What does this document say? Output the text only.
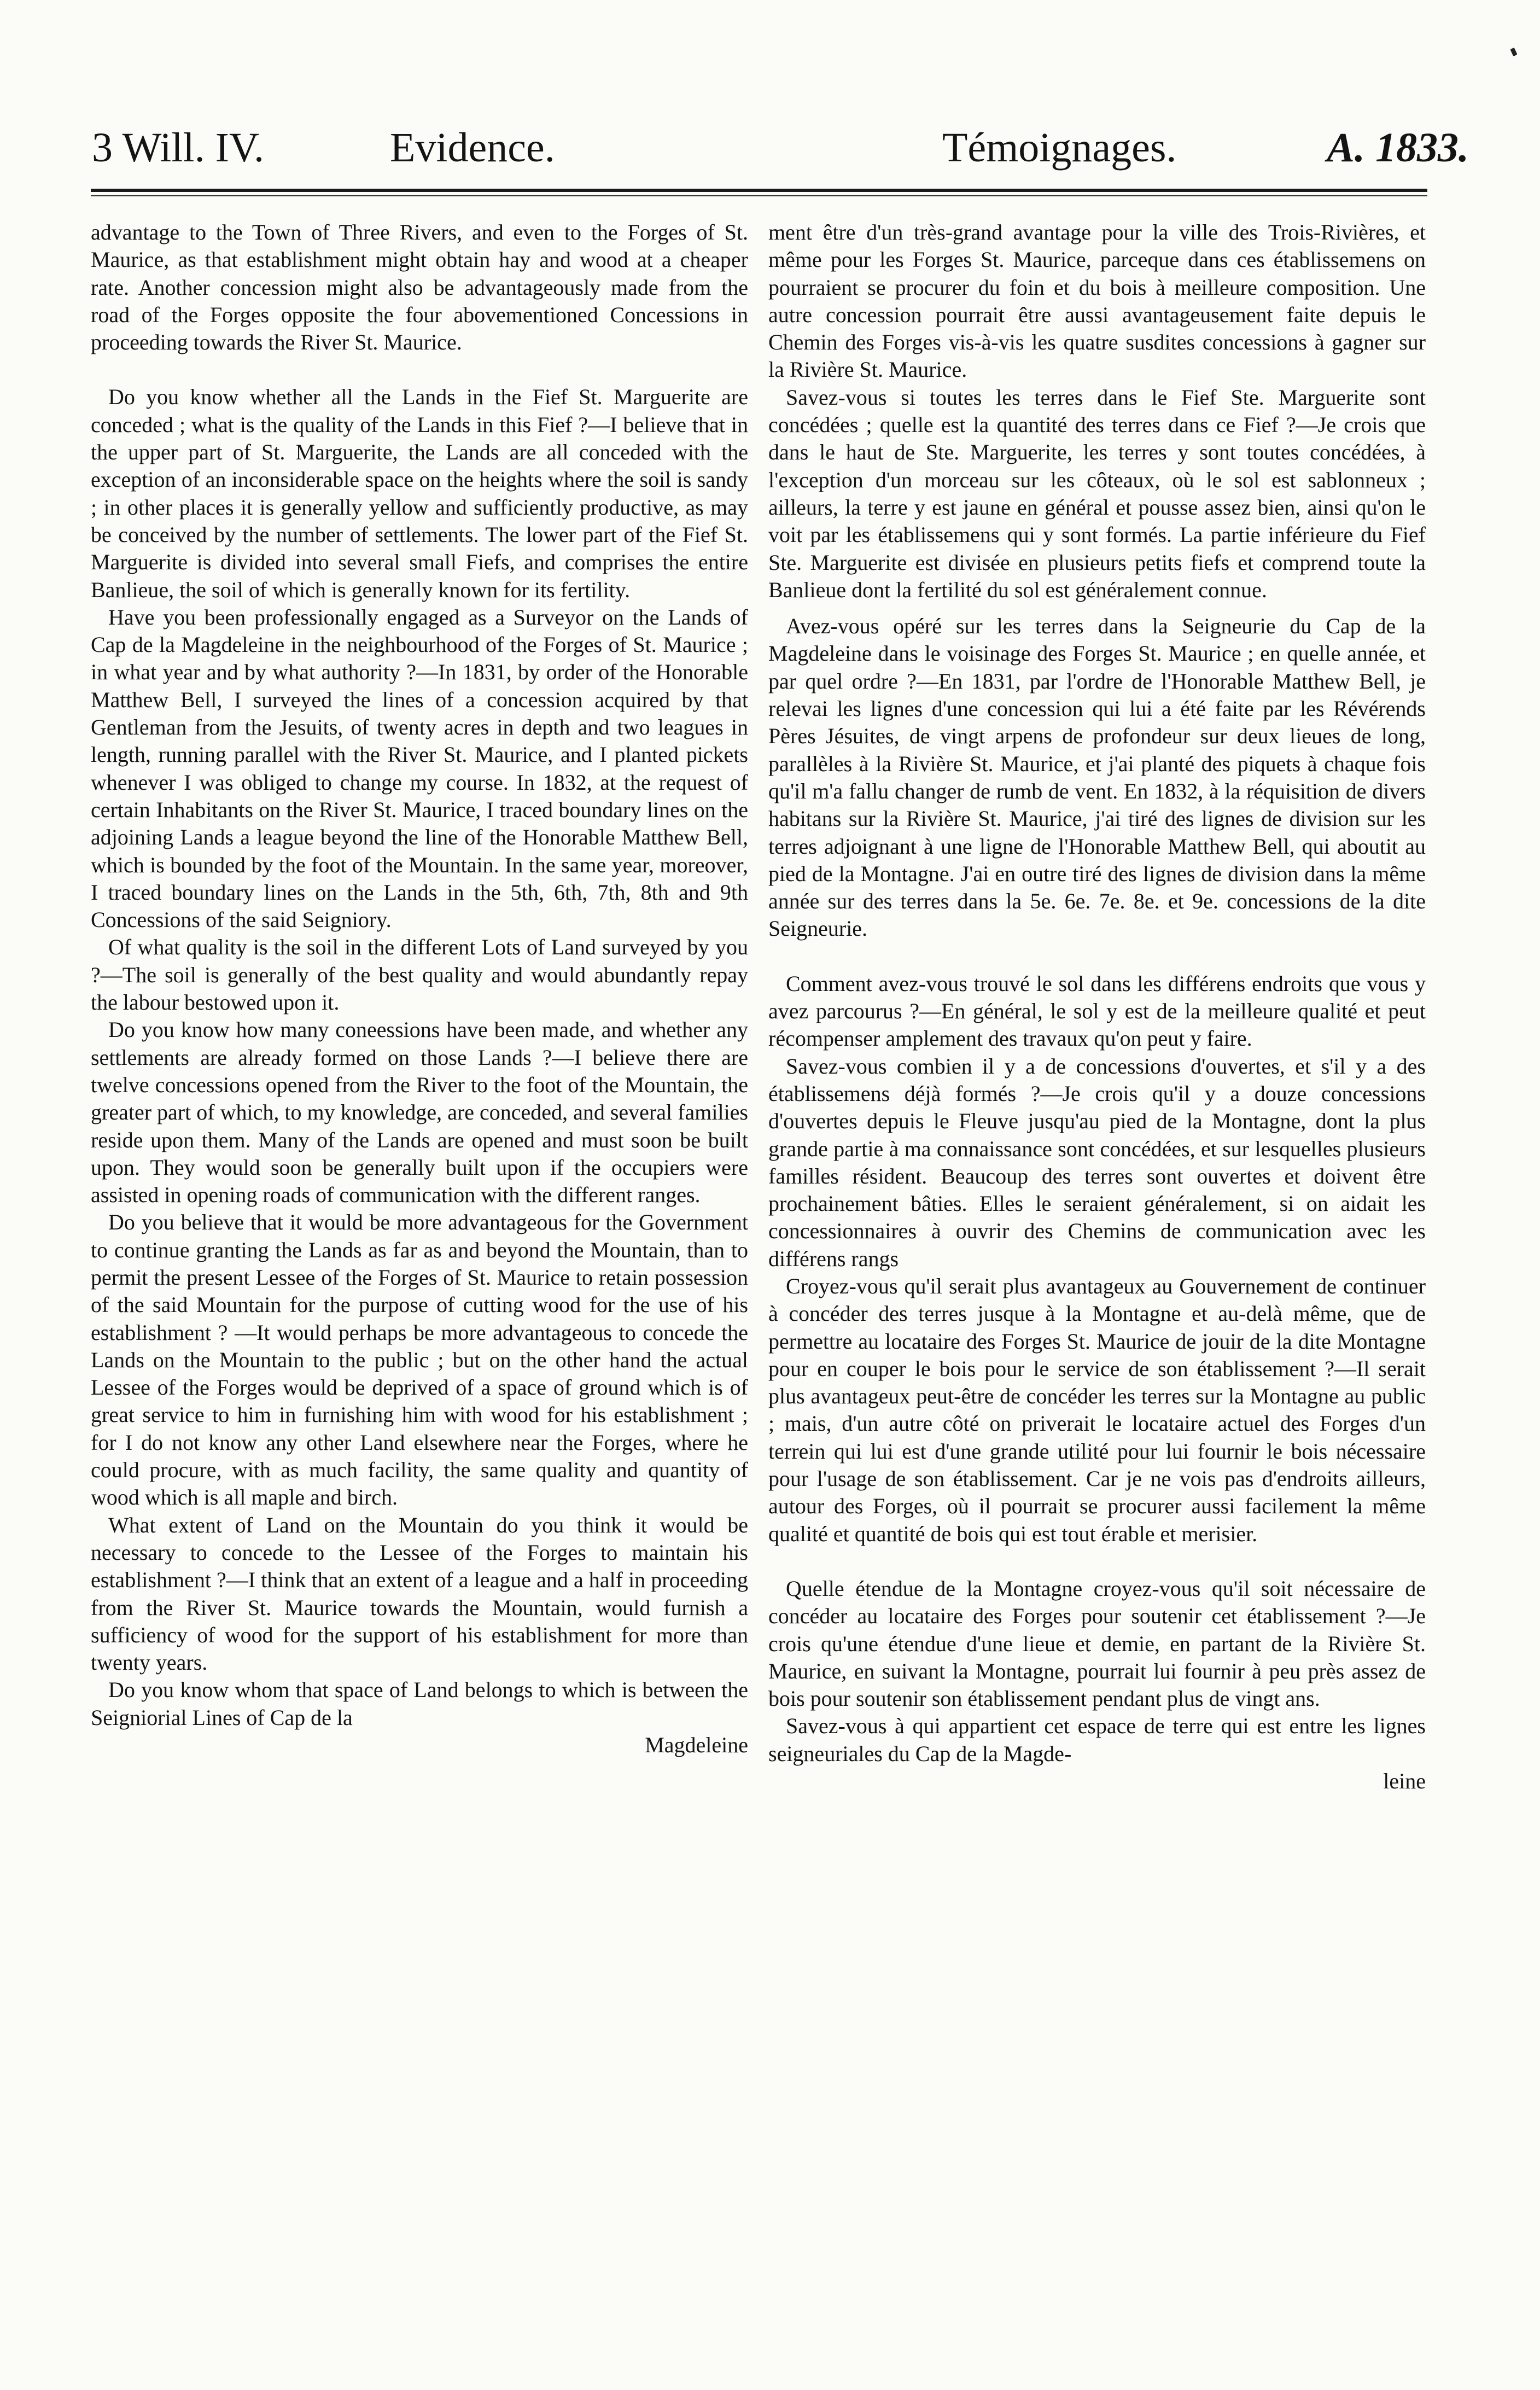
3 Will. IV.	Evidence.	Témoignages.	A. 1833.

advantage to the Town of Three Rivers, and even to the Forges of St. Maurice, as that establishment might obtain hay and wood at a cheaper rate. Another concession might also be advantageously made from the road of the Forges opposite the four abovementioned Concessions in proceeding towards the River St. Maurice.

Do you know whether all the Lands in the Fief St. Marguerite are conceded ; what is the quality of the Lands in this Fief ?—I believe that in the upper part of St. Marguerite, the Lands are all conceded with the exception of an inconsiderable space on the heights where the soil is sandy ; in other places it is generally yellow and sufficiently productive, as may be conceived by the number of settlements. The lower part of the Fief St. Marguerite is divided into several small Fiefs, and comprises the entire Banlieue, the soil of which is generally known for its fertility.

Have you been professionally engaged as a Surveyor on the Lands of Cap de la Magdeleine in the neighbourhood of the Forges of St. Maurice ; in what year and by what authority ?—In 1831, by order of the Honorable Matthew Bell, I surveyed the lines of a concession acquired by that Gentleman from the Jesuits, of twenty acres in depth and two leagues in length, running parallel with the River St. Maurice, and I planted pickets whenever I was obliged to change my course. In 1832, at the request of certain Inhabitants on the River St. Maurice, I traced boundary lines on the adjoining Lands a league beyond the line of the Honorable Matthew Bell, which is bounded by the foot of the Mountain. In the same year, moreover, I traced boundary lines on the Lands in the 5th, 6th, 7th, 8th and 9th Concessions of the said Seigniory.

Of what quality is the soil in the different Lots of Land surveyed by you ?—The soil is generally of the best quality and would abundantly repay the labour bestowed upon it.

Do you know how many coneessions have been made, and whether any settlements are already formed on those Lands ?—I believe there are twelve concessions opened from the River to the foot of the Mountain, the greater part of which, to my knowledge, are conceded, and several families reside upon them. Many of the Lands are opened and must soon be built upon. They would soon be generally built upon if the occupiers were assisted in opening roads of communication with the different ranges.

Do you believe that it would be more advantageous for the Government to continue granting the Lands as far as and beyond the Mountain, than to permit the present Lessee of the Forges of St. Maurice to retain possession of the said Mountain for the purpose of cutting wood for the use of his establishment ? —It would perhaps be more advantageous to concede the Lands on the Mountain to the public ; but on the other hand the actual Lessee of the Forges would be deprived of a space of ground which is of great service to him in furnishing him with wood for his establishment ; for I do not know any other Land elsewhere near the Forges, where he could procure, with as much facility, the same quality and quantity of wood which is all maple and birch.

What extent of Land on the Mountain do you think it would be necessary to concede to the Lessee of the Forges to maintain his establishment ?—I think that an extent of a league and a half in proceeding from the River St. Maurice towards the Mountain, would furnish a sufficiency of wood for the support of his establishment for more than twenty years.

Do you know whom that space of Land belongs to which is between the Seigniorial Lines of Cap de la

Magdeleine

ment être d'un très-grand avantage pour la ville des Trois-Rivières, et même pour les Forges St. Maurice, parceque dans ces établissemens on pourraient se procurer du foin et du bois à meilleure composition. Une autre concession pourrait être aussi avantageusement faite depuis le Chemin des Forges vis-à-vis les quatre susdites concessions à gagner sur la Rivière St. Maurice.

Savez-vous si toutes les terres dans le Fief Ste. Marguerite sont concédées ; quelle est la quantité des terres dans ce Fief ?—Je crois que dans le haut de Ste. Marguerite, les terres y sont toutes concédées, à l'exception d'un morceau sur les côteaux, où le sol est sablonneux ; ailleurs, la terre y est jaune en général et pousse assez bien, ainsi qu'on le voit par les établissemens qui y sont formés. La partie inférieure du Fief Ste. Marguerite est divisée en plusieurs petits fiefs et comprend toute la Banlieue dont la fertilité du sol est généralement connue.

Avez-vous opéré sur les terres dans la Seigneurie du Cap de la Magdeleine dans le voisinage des Forges St. Maurice ; en quelle année, et par quel ordre ?—En 1831, par l'ordre de l'Honorable Matthew Bell, je relevai les lignes d'une concession qui lui a été faite par les Révérends Pères Jésuites, de vingt arpens de profondeur sur deux lieues de long, parallèles à la Rivière St. Maurice, et j'ai planté des piquets à chaque fois qu'il m'a fallu changer de rumb de vent. En 1832, à la réquisition de divers habitans sur la Rivière St. Maurice, j'ai tiré des lignes de division sur les terres adjoignant à une ligne de l'Honorable Matthew Bell, qui aboutit au pied de la Montagne. J'ai en outre tiré des lignes de division dans la même année sur des terres dans la 5e. 6e. 7e. 8e. et 9e. concessions de la dite Seigneurie.

Comment avez-vous trouvé le sol dans les différens endroits que vous y avez parcourus ?—En général, le sol y est de la meilleure qualité et peut récompenser amplement des travaux qu'on peut y faire.

Savez-vous combien il y a de concessions d'ouvertes, et s'il y a des établissemens déjà formés ?—Je crois qu'il y a douze concessions d'ouvertes depuis le Fleuve jusqu'au pied de la Montagne, dont la plus grande partie à ma connaissance sont concédées, et sur lesquelles plusieurs familles résident. Beaucoup des terres sont ouvertes et doivent être prochainement bâties. Elles le seraient généralement, si on aidait les concessionnaires à ouvrir des Chemins de communication avec les différens rangs

Croyez-vous qu'il serait plus avantageux au Gouvernement de continuer à concéder des terres jusque à la Montagne et au-delà même, que de permettre au locataire des Forges St. Maurice de jouir de la dite Montagne pour en couper le bois pour le service de son établissement ?—Il serait plus avantageux peut-être de concéder les terres sur la Montagne au public ; mais, d'un autre côté on priverait le locataire actuel des Forges d'un terrein qui lui est d'une grande utilité pour lui fournir le bois nécessaire pour l'usage de son établissement. Car je ne vois pas d'endroits ailleurs, autour des Forges, où il pourrait se procurer aussi facilement la même qualité et quantité de bois qui est tout érable et merisier.

Quelle étendue de la Montagne croyez-vous qu'il soit nécessaire de concéder au locataire des Forges pour soutenir cet établissement ?—Je crois qu'une étendue d'une lieue et demie, en partant de la Rivière St. Maurice, en suivant la Montagne, pourrait lui fournir à peu près assez de bois pour soutenir son établissement pendant plus de vingt ans.

Savez-vous à qui appartient cet espace de terre qui est entre les lignes seigneuriales du Cap de la Magde-

leine
